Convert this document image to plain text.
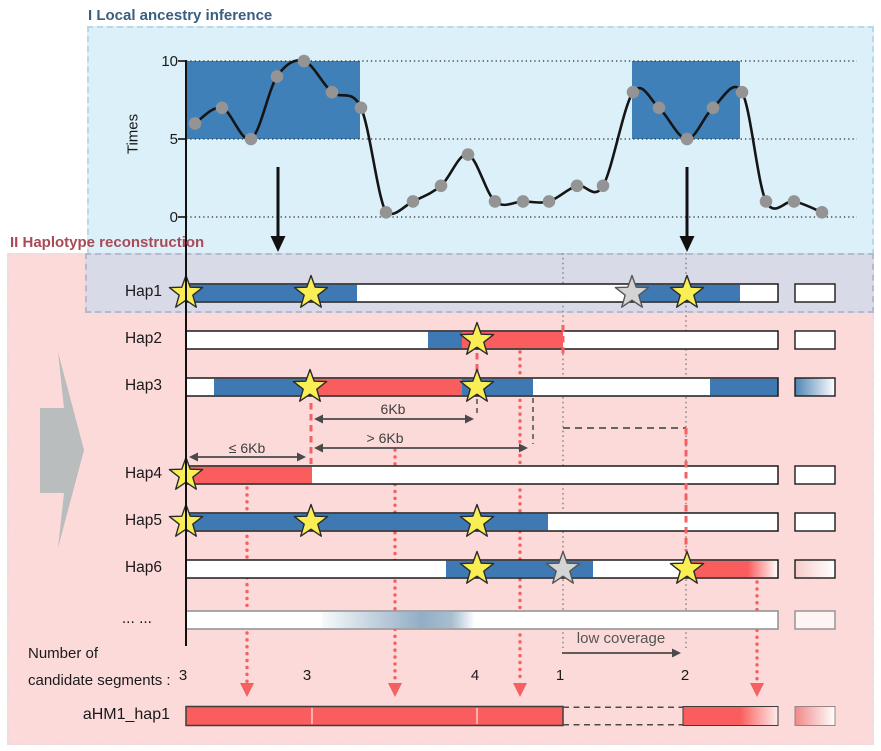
I Local ancestry inference
II Haplotype reconstruction
Times
10
5
0
Number of
candidate segments :
aHM1_hap1
Hap1
Hap2
Hap3
Hap4
Hap5
Hap6
... ...
3	3	4	1	2
≤ 6Kb
6Kb
> 6Kb
low coverage
